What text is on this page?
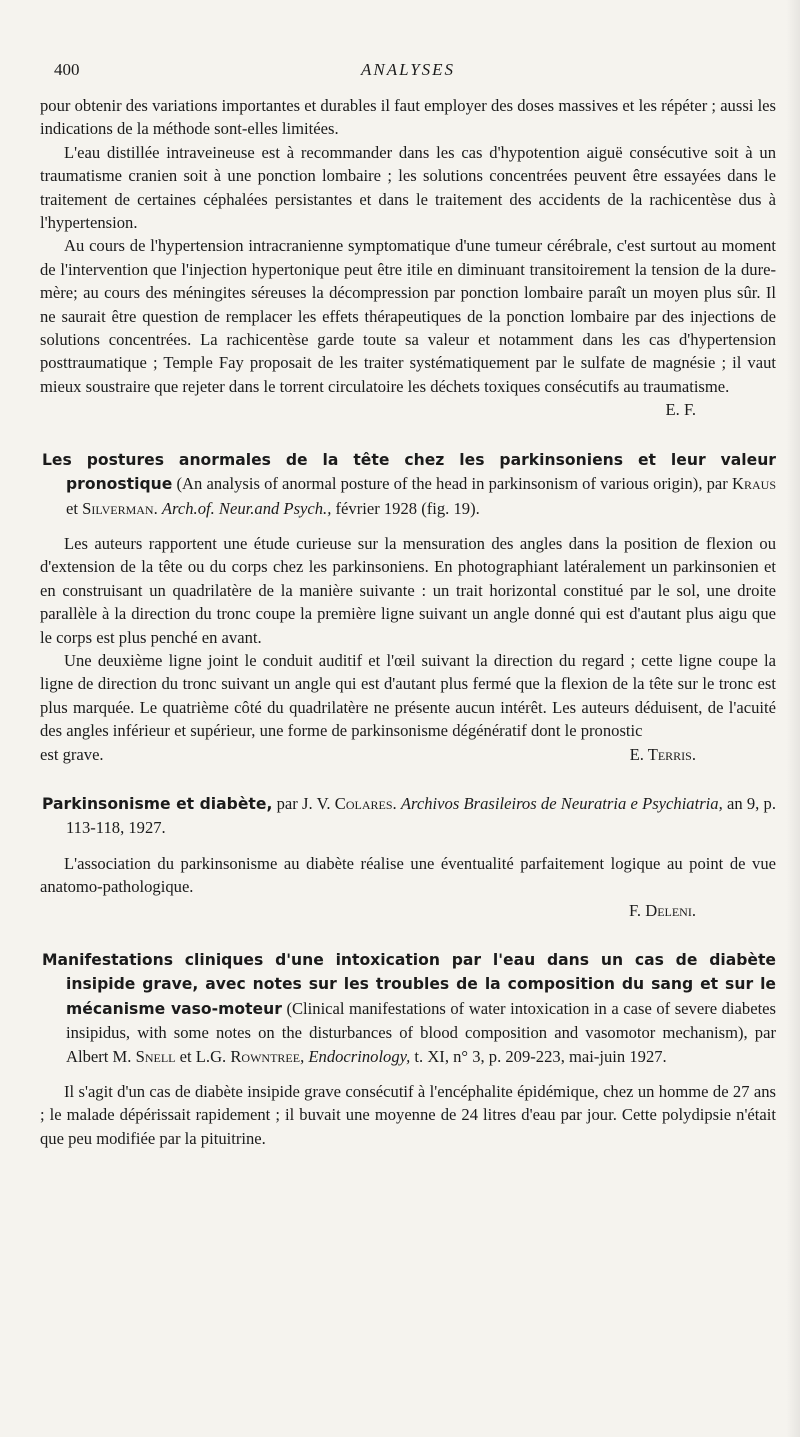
400	ANALYSES

pour obtenir des variations importantes et durables il faut employer des doses massives et les répéter ; aussi les indications de la méthode sont-elles limitées.

L'eau distillée intraveineuse est à recommander dans les cas d'hypotention aiguë consécutive soit à un traumatisme cranien soit à une ponction lombaire ; les solutions concentrées peuvent être essayées dans le traitement de certaines céphalées persistantes et dans le traitement des accidents de la rachicentèse dus à l'hypertension.

Au cours de l'hypertension intracranienne symptomatique d'une tumeur cérébrale, c'est surtout au moment de l'intervention que l'injection hypertonique peut être itile en diminuant transitoirement la tension de la dure-mère; au cours des méningites séreuses la décompression par ponction lombaire paraît un moyen plus sûr. Il ne saurait être question de remplacer les effets thérapeutiques de la ponction lombaire par des injections de solutions concentrées. La rachicentèse garde toute sa valeur et notamment dans les cas d'hypertension posttraumatique ; Temple Fay proposait de les traiter systématiquement par le sulfate de magnésie ; il vaut mieux soustraire que rejeter dans le torrent circulatoire les déchets toxiques consécutifs au traumatisme.

E. F.

Les postures anormales de la tête chez les parkinsoniens et leur valeur pronostique (An analysis of anormal posture of the head in parkinsonism of various origin), par Kraus et Silverman. Arch.of. Neur.and Psych., février 1928 (fig. 19).

Les auteurs rapportent une étude curieuse sur la mensuration des angles dans la position de flexion ou d'extension de la tête ou du corps chez les parkinsoniens. En photographiant latéralement un parkinsonien et en construisant un quadrilatère de la manière suivante : un trait horizontal constitué par le sol, une droite parallèle à la direction du tronc coupe la première ligne suivant un angle donné qui est d'autant plus aigu que le corps est plus penché en avant.

Une deuxième ligne joint le conduit auditif et l'œil suivant la direction du regard ; cette ligne coupe la ligne de direction du tronc suivant un angle qui est d'autant plus fermé que la flexion de la tête sur le tronc est plus marquée. Le quatrième côté du quadrilatère ne présente aucun intérêt. Les auteurs déduisent, de l'acuité des angles inférieur et supérieur, une forme de parkinsonisme dégénératif dont le pronostic

est grave.	E. Terris.

Parkinsonisme et diabète, par J. V. Colares. Archivos Brasileiros de Neuratria e Psychiatria, an 9, p. 113-118, 1927.

L'association du parkinsonisme au diabète réalise une éventualité parfaitement logique au point de vue anatomo-pathologique.

F. Deleni.

Manifestations cliniques d'une intoxication par l'eau dans un cas de diabète insipide grave, avec notes sur les troubles de la composition du sang et sur le mécanisme vaso-moteur (Clinical manifestations of water intoxication in a case of severe diabetes insipidus, with some notes on the disturbances of blood composition and vasomotor mechanism), par Albert M. Snell et L.G. Rowntree, Endocrinology, t. XI, n° 3, p. 209-223, mai-juin 1927.

Il s'agit d'un cas de diabète insipide grave consécutif à l'encéphalite épidémique, chez un homme de 27 ans ; le malade dépérissait rapidement ; il buvait une moyenne de 24 litres d'eau par jour. Cette polydipsie n'était que peu modifiée par la pituitrine.
